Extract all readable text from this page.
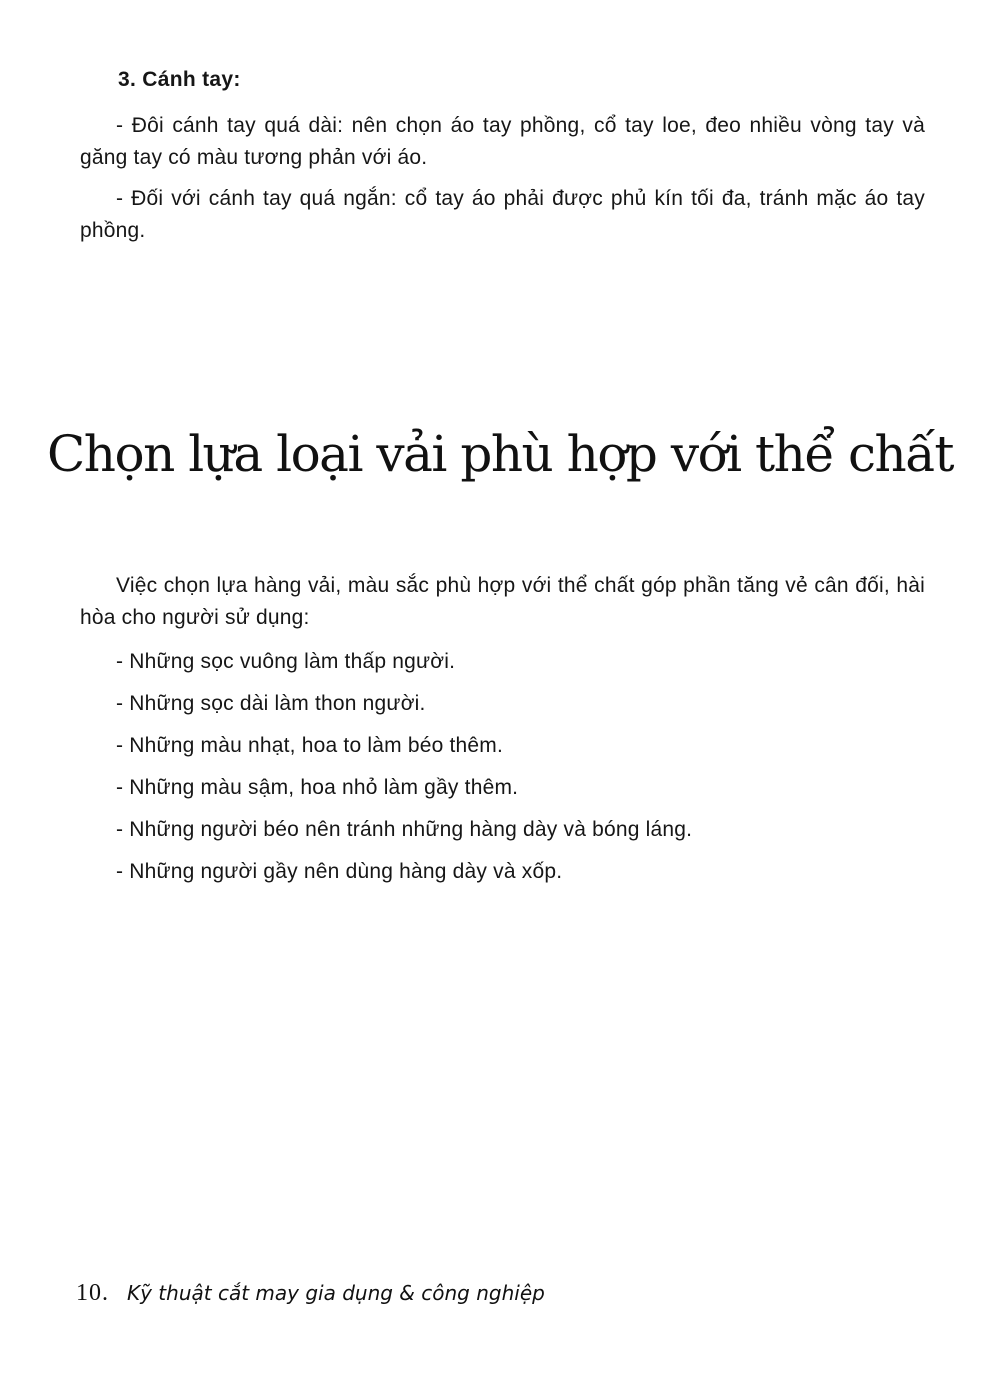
3. Cánh tay:

- Đôi cánh tay quá dài: nên chọn áo tay phồng, cổ tay loe, đeo nhiều vòng tay và găng tay có màu tương phản với áo.

- Đối với cánh tay quá ngắn: cổ tay áo phải được phủ kín tối đa, tránh mặc áo tay phồng.

Chọn lựa loại vải phù hợp với thể chất

Việc chọn lựa hàng vải, màu sắc phù hợp với thể chất góp phần tăng vẻ cân đối, hài hòa cho người sử dụng:

- Những sọc vuông làm thấp người.
- Những sọc dài làm thon người.
- Những màu nhạt, hoa to làm béo thêm.
- Những màu sậm, hoa nhỏ làm gầy thêm.
- Những người béo nên tránh những hàng dày và bóng láng.
- Những người gầy nên dùng hàng dày và xốp.
10. Kỹ thuật cắt may gia dụng & công nghiệp
